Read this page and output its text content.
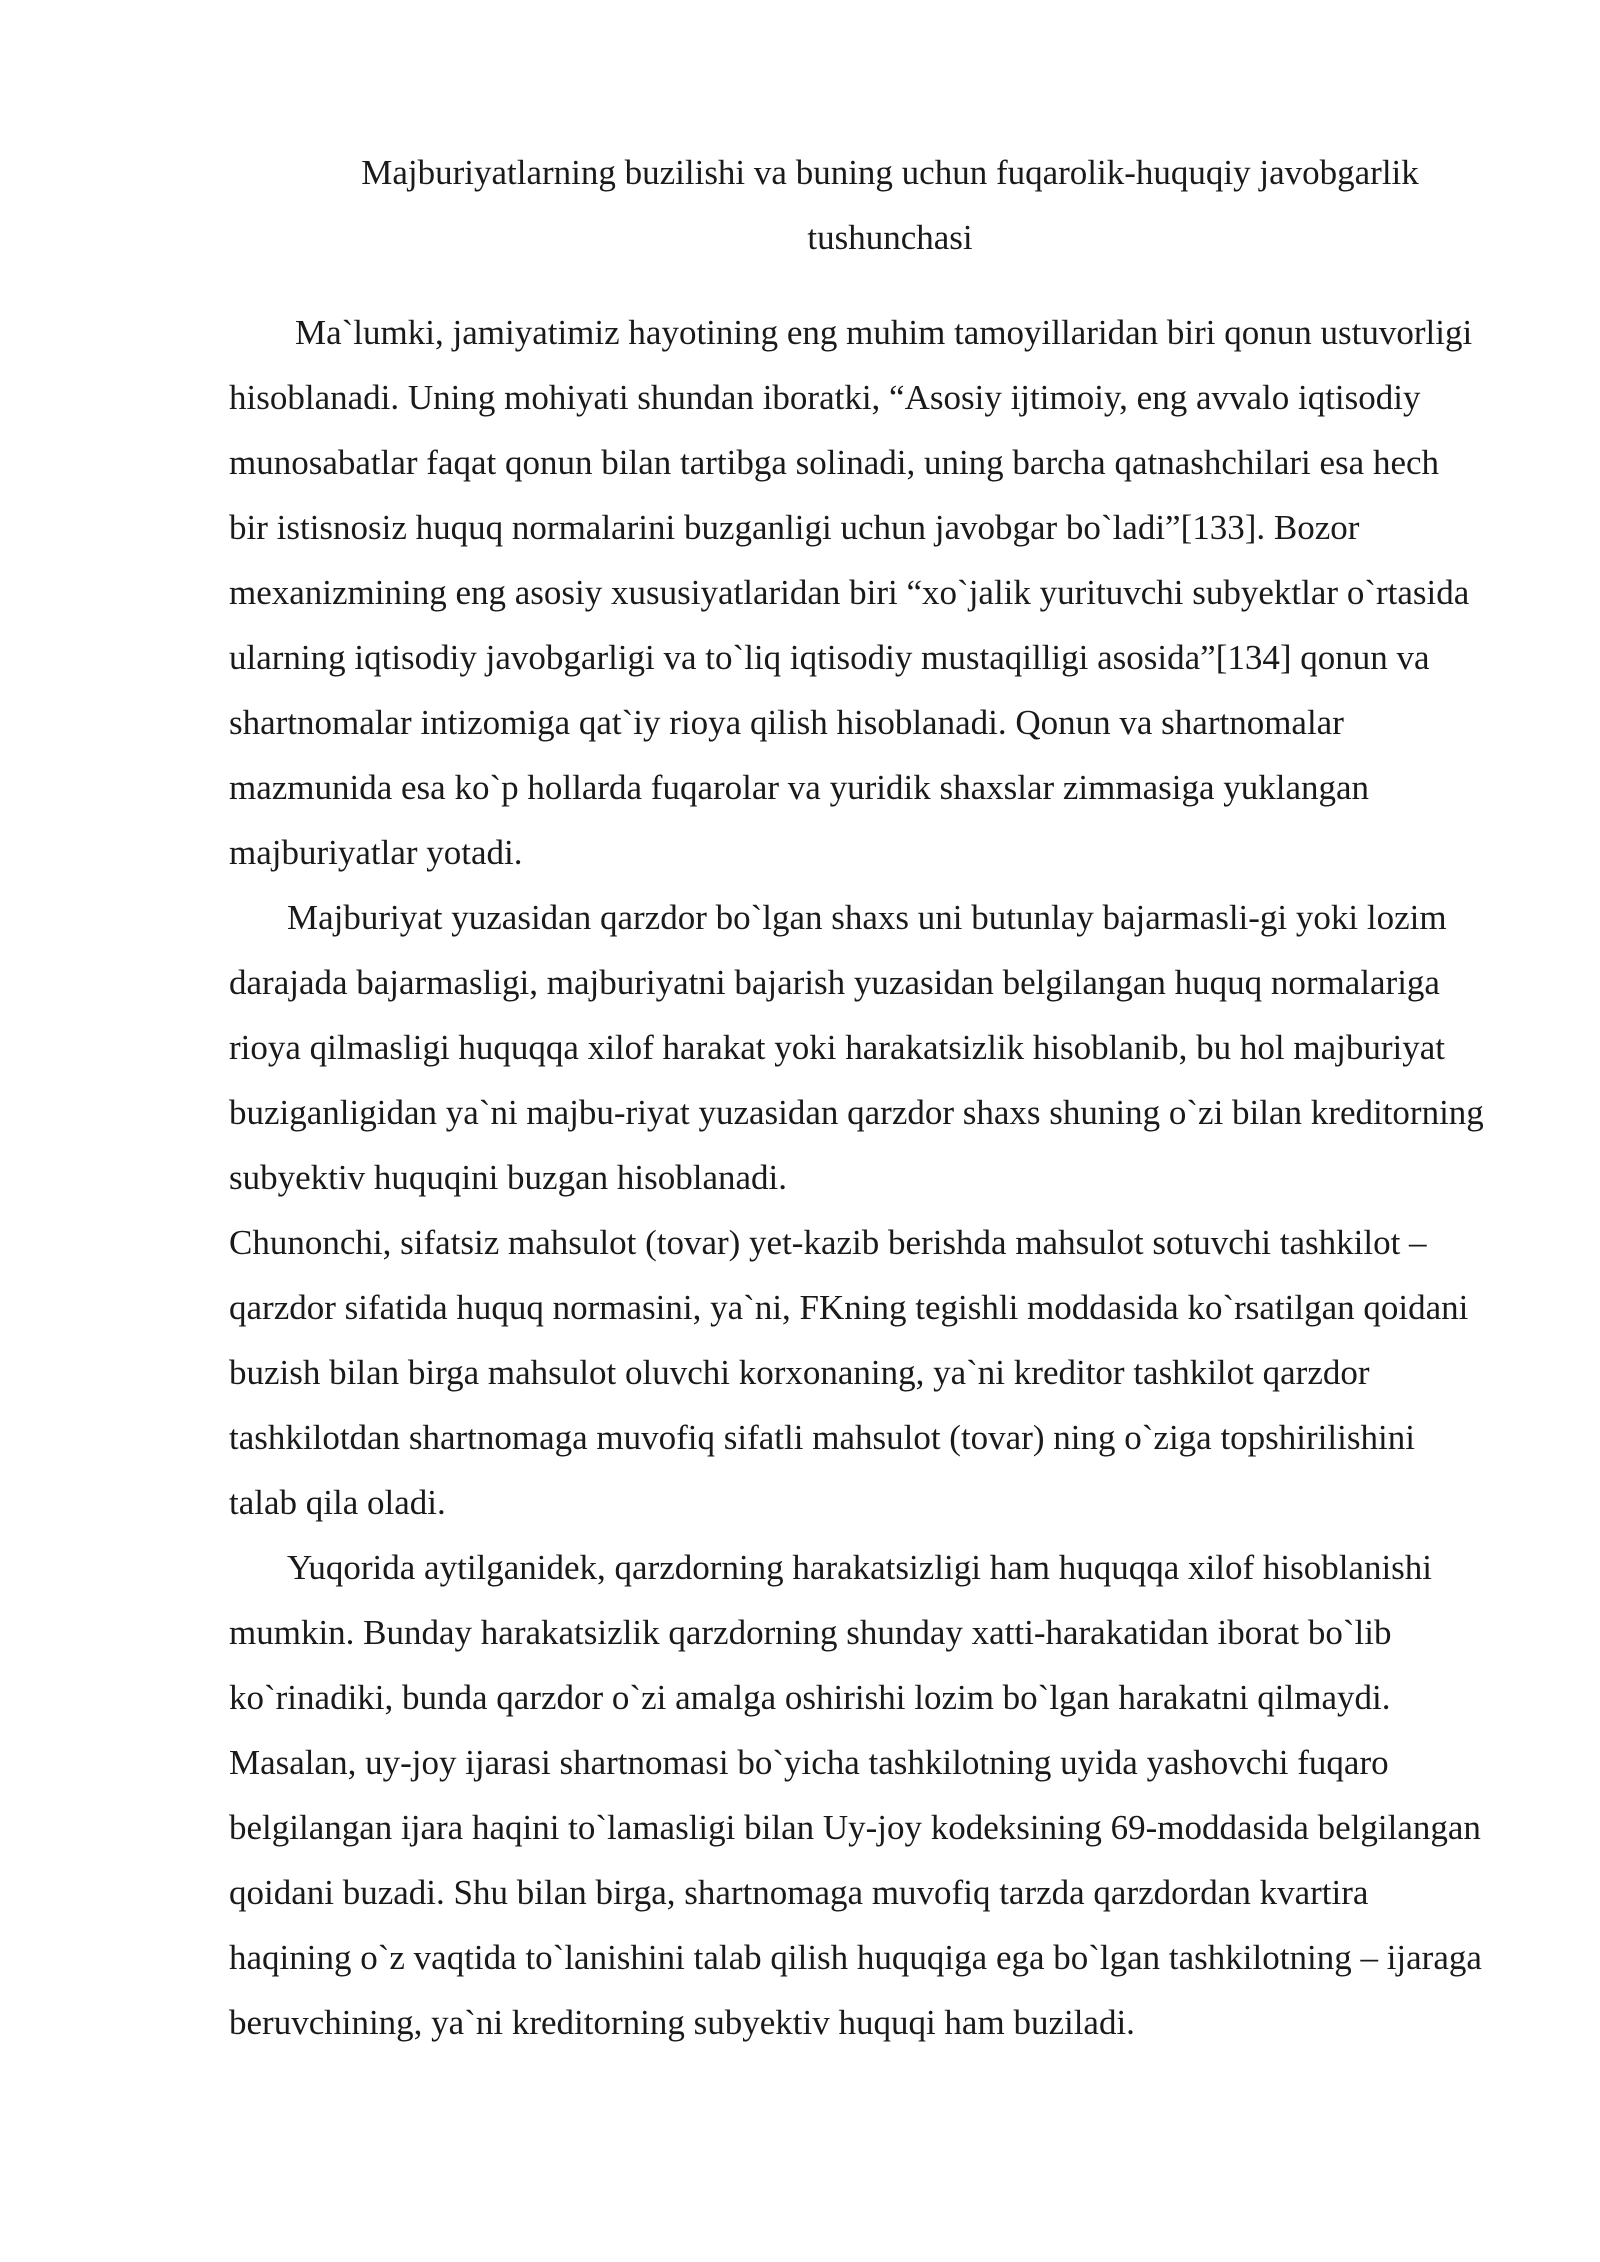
Majburiyatlarning buzilishi va buning uchun fuqarolik-huquqiy javobgarlik tushunchasi

Ma`lumki, jamiyatimiz hayotining eng muhim tamoyillaridan biri qonun ustuvorligi hisoblanadi. Uning mohiyati shundan iboratki, “Asosiy ijtimoiy, eng avvalo iqtisodiy munosabatlar faqat qonun bilan tartibga solinadi, uning barcha qatnashchilari esa hech bir istisnosiz huquq normalarini buzganligi uchun javobgar bo`ladi”[133]. Bozor mexanizmining eng asosiy xususiyatlaridan biri “xo`jalik yurituvchi subyektlar o`rtasida ularning iqtisodiy javobgarligi va to`liq iqtisodiy mustaqilligi asosida”[134] qonun va shartnomalar intizomiga qat`iy rioya qilish hisoblanadi. Qonun va shartnomalar mazmunida esa ko`p hollarda fuqarolar va yuridik shaxslar zimmasiga yuklangan majburiyatlar yotadi.

Majburiyat yuzasidan qarzdor bo`lgan shaxs uni butunlay bajarmasli-gi yoki lozim darajada bajarmasligi, majburiyatni bajarish yuzasidan belgilangan huquq normalariga rioya qilmasligi huquqqa xilof harakat yoki harakatsizlik hisoblanib, bu hol majburiyat buziganligidan ya`ni majbu-riyat yuzasidan qarzdor shaxs shuning o`zi bilan kreditorning subyektiv huquqini buzgan hisoblanadi.

Chunonchi, sifatsiz mahsulot (tovar) yet-kazib berishda mahsulot sotuvchi tashkilot – qarzdor sifatida huquq normasini, ya`ni, FKning tegishli moddasida ko`rsatilgan qoidani buzish bilan birga mahsulot oluvchi korxonaning, ya`ni kreditor tashkilot qarzdor tashkilotdan shartnomaga muvofiq sifatli mahsulot (tovar) ning o`ziga topshirilishini talab qila oladi.

Yuqorida aytilganidek, qarzdorning harakatsizligi ham huquqqa xilof hisoblanishi mumkin. Bunday harakatsizlik qarzdorning shunday xatti-harakatidan iborat bo`lib ko`rinadiki, bunda qarzdor o`zi amalga oshirishi lozim bo`lgan harakatni qilmaydi. Masalan, uy-joy ijarasi shartnomasi bo`yicha tashkilotning uyida yashovchi fuqaro belgilangan ijara haqini to`lamasligi bilan Uy-joy kodeksining 69-moddasida belgilangan qoidani buzadi. Shu bilan birga, shartnomaga muvofiq tarzda qarzdordan kvartira haqining o`z vaqtida to`lanishini talab qilish huquqiga ega bo`lgan tashkilotning – ijaraga beruvchining, ya`ni kreditorning subyektiv huquqi ham buziladi.
